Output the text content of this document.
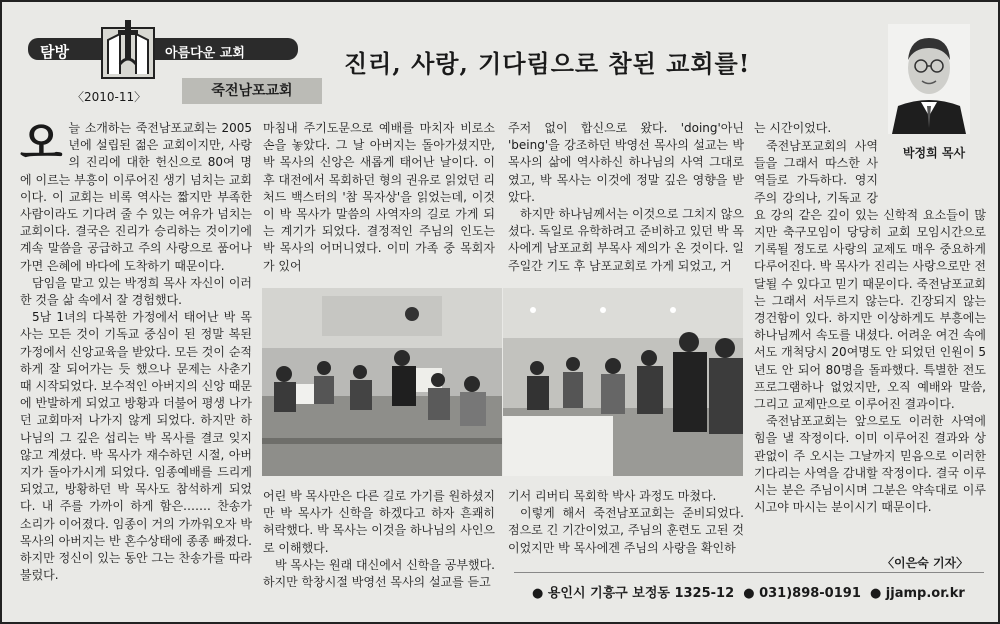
탐방	아름다운 교회
〈2010-11〉	죽전남포교회
진리, 사랑, 기다림으로 참된 교회를!
박정희 목사
오 늘 소개하는 죽전남포교회는 2005년에 설립된 젊은 교회이지만, 사랑의 진리에 대한 헌신으로 80여 명에 이르는 부흥이 이루어진 생기 넘치는 교회이다. 이 교회는 비록 역사는 짧지만 부족한 사람이라도 기다려 줄 수 있는 여유가 넘치는 교회이다. 결국은 진리가 승리하는 것이기에 계속 말씀을 공급하고 주의 사랑으로 품어나가면 은혜에 바다에 도착하기 때문이다.

담임을 맡고 있는 박정희 목사 자신이 이러한 것을 삶 속에서 잘 경험했다.

5남 1녀의 다복한 가정에서 태어난 박 목사는 모든 것이 기독교 중심이 된 정말 복된 가정에서 신앙교육을 받았다. 모든 것이 순적하게 잘 되어가는 듯 했으나 문제는 사춘기 때 시작되었다. 보수적인 아버지의 신앙 때문에 반발하게 되었고 방황과 더불어 평생 나가던 교회마저 나가지 않게 되었다. 하지만 하나님의 그 깊은 섭리는 박 목사를 결코 잊지 않고 계셨다. 박 목사가 재수하던 시절, 아버지가 돌아가시게 되었다. 임종예배를 드리게 되었고, 방황하던 박 목사도 참석하게 되었다. 내 주를 가까이 하게 함은……. 찬송가 소리가 이어졌다. 임종이 거의 가까워오자 박 목사의 아버지는 반 혼수상태에 종종 빠졌다. 하지만 정신이 있는 동안 그는 찬송가를 따라 불렀다.

마침내 주기도문으로 예배를 마치자 비로소 손을 놓았다. 그 날 아버지는 돌아가셨지만, 박 목사의 신앙은 새롭게 태어난 날이다. 이후 대전에서 목회하던 형의 권유로 읽었던 리처드 백스터의 '참 목자상'을 읽었는데, 이것이 박 목사가 말씀의 사역자의 길로 가게 되는 계기가 되었다. 결정적인 주님의 인도는 박 목사의 어머니였다. 이미 가족 중 목회자가 있어
주저 없이 합신으로 왔다. 'doing'아닌 'being'을 강조하던 박영선 목사의 설교는 박 목사의 삶에 역사하신 하나님의 사역 그대로 였고, 박 목사는 이것에 정말 깊은 영향을 받았다.

하지만 하나님께서는 이것으로 그치지 않으셨다. 독일로 유학하려고 준비하고 있던 박 목사에게 남포교회 부목사 제의가 온 것이다. 일주일간 기도 후 남포교회로 가게 되었고, 거

어린 박 목사만은 다른 길로 가기를 원하셨지만 박 목사가 신학을 하겠다고 하자 흔쾌히 허락했다. 박 목사는 이것을 하나님의 사인으로 이해했다.

박 목사는 원래 대신에서 신학을 공부했다. 하지만 학창시절 박영선 목사의 설교를 듣고

기서 리버티 목회학 박사 과정도 마쳤다.

이렇게 해서 죽전남포교회는 준비되었다. 점으로 긴 기간이었고, 주님의 훈련도 고된 것이었지만 박 목사에겐 주님의 사랑을 확인하

는 시간이었다.

죽전남포교회의 사역들을 그래서 따스한 사역들로 가득하다. 영지주의 강의나, 기독교 강요 강의 같은 깊이 있는 신학적 요소들이 많지만 축구모임이 당당히 교회 모임시간으로 기록될 정도로 사랑의 교제도 매우 중요하게 다루어진다. 박 목사가 진리는 사랑으로만 전달될 수 있다고 믿기 때문이다. 죽전남포교회는 그래서 서두르지 않는다. 긴장되지 않는 경건함이 있다. 하지만 이상하게도 부흥에는 하나님께서 속도를 내셨다. 어려운 여건 속에서도 개척당시 20여명도 안 되었던 인원이 5년도 안 되어 80명을 돌파했다. 특별한 전도프로그램하나 없었지만, 오직 예배와 말씀, 그리고 교제만으로 이루어진 결과이다.

죽전남포교회는 앞으로도 이러한 사역에 힘을 낼 작정이다. 이미 이루어진 결과와 상관없이 주 오시는 그날까지 믿음으로 이러한 기다리는 사역을 감내할 작정이다. 결국 이루시는 분은 주님이시며 그분은 약속대로 이루시고야 마시는 분이시기 때문이다.

〈이은숙 기자〉
● 용인시 기흥구 보정동 1325-12 ● 031)898-0191 ● jjamp.or.kr
